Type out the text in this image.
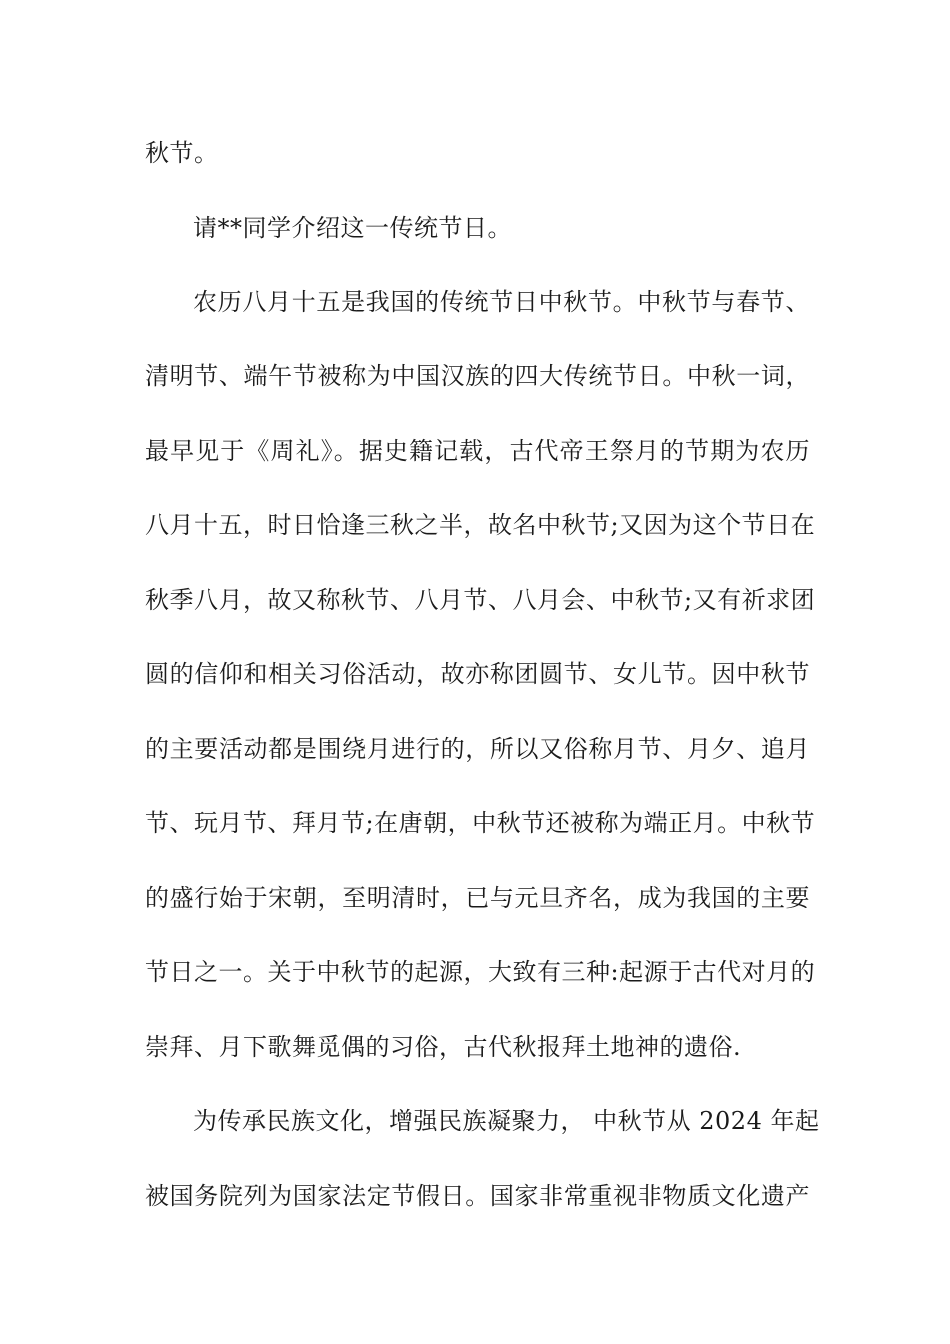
秋节。
请**同学介绍这一传统节日。
农历八月十五是我国的传统节日中秋节。中秋节与春节、
清明节、端午节被称为中国汉族的四大传统节日。中秋一词，
最早见于《周礼》。据史籍记载，古代帝王祭月的节期为农历
八月十五，时日恰逢三秋之半，故名中秋节;又因为这个节日在
秋季八月，故又称秋节、八月节、八月会、中秋节;又有祈求团
圆的信仰和相关习俗活动，故亦称团圆节、女儿节。因中秋节
的主要活动都是围绕月进行的，所以又俗称月节、月夕、追月
节、玩月节、拜月节;在唐朝，中秋节还被称为端正月。中秋节
的盛行始于宋朝，至明清时，已与元旦齐名，成为我国的主要
节日之一。关于中秋节的起源，大致有三种:起源于古代对月的
崇拜、月下歌舞觅偶的习俗，古代秋报拜土地神的遗俗.
为传承民族文化，增强民族凝聚力， 中秋节从 2024 年起
被国务院列为国家法定节假日。国家非常重视非物质文化遗产
